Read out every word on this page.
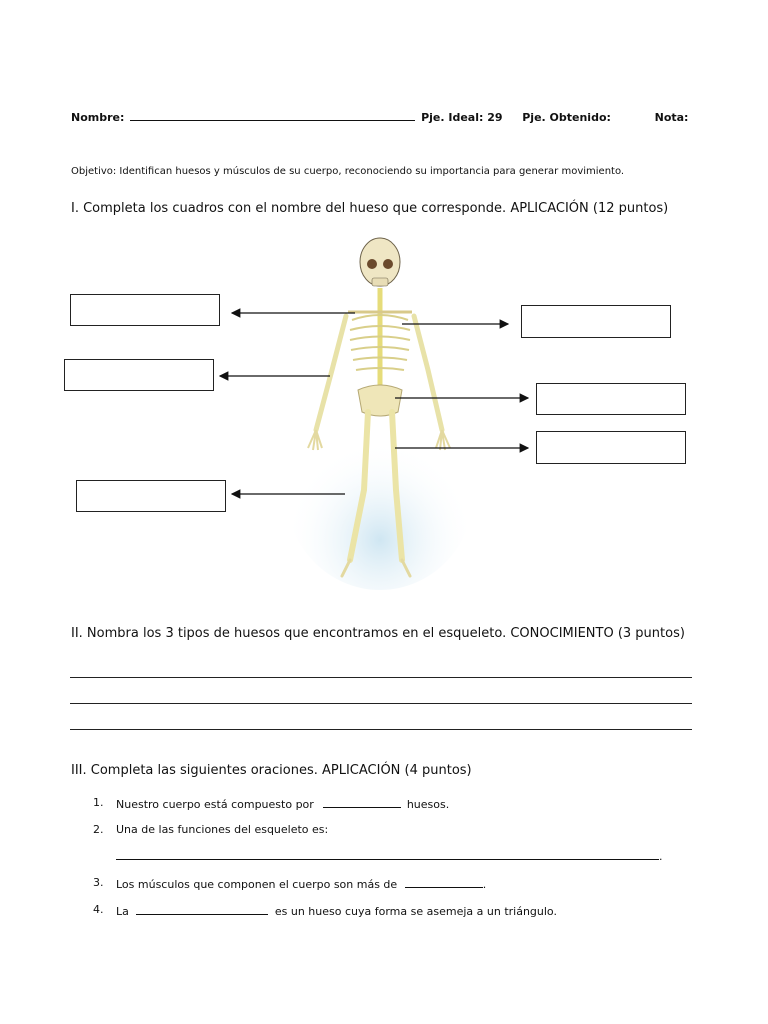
Nombre:	Pje. Ideal: 29 Pje. Obtenido:	Nota:
Objetivo: Identifican huesos y músculos de su cuerpo, reconociendo su importancia para generar movimiento.
I. Completa los cuadros con el nombre del hueso que corresponde. APLICACIÓN (12 puntos)
II. Nombra los 3 tipos de huesos que encontramos en el esqueleto. CONOCIMIENTO (3 puntos)
III. Completa las siguientes oraciones. APLICACIÓN (4 puntos)
1. Nuestro cuerpo está compuesto por	huesos.
2. Una de las funciones del esqueleto es:
.
3. Los músculos que componen el cuerpo son más de	.
4. La	es un hueso cuya forma se asemeja a un triángulo.
